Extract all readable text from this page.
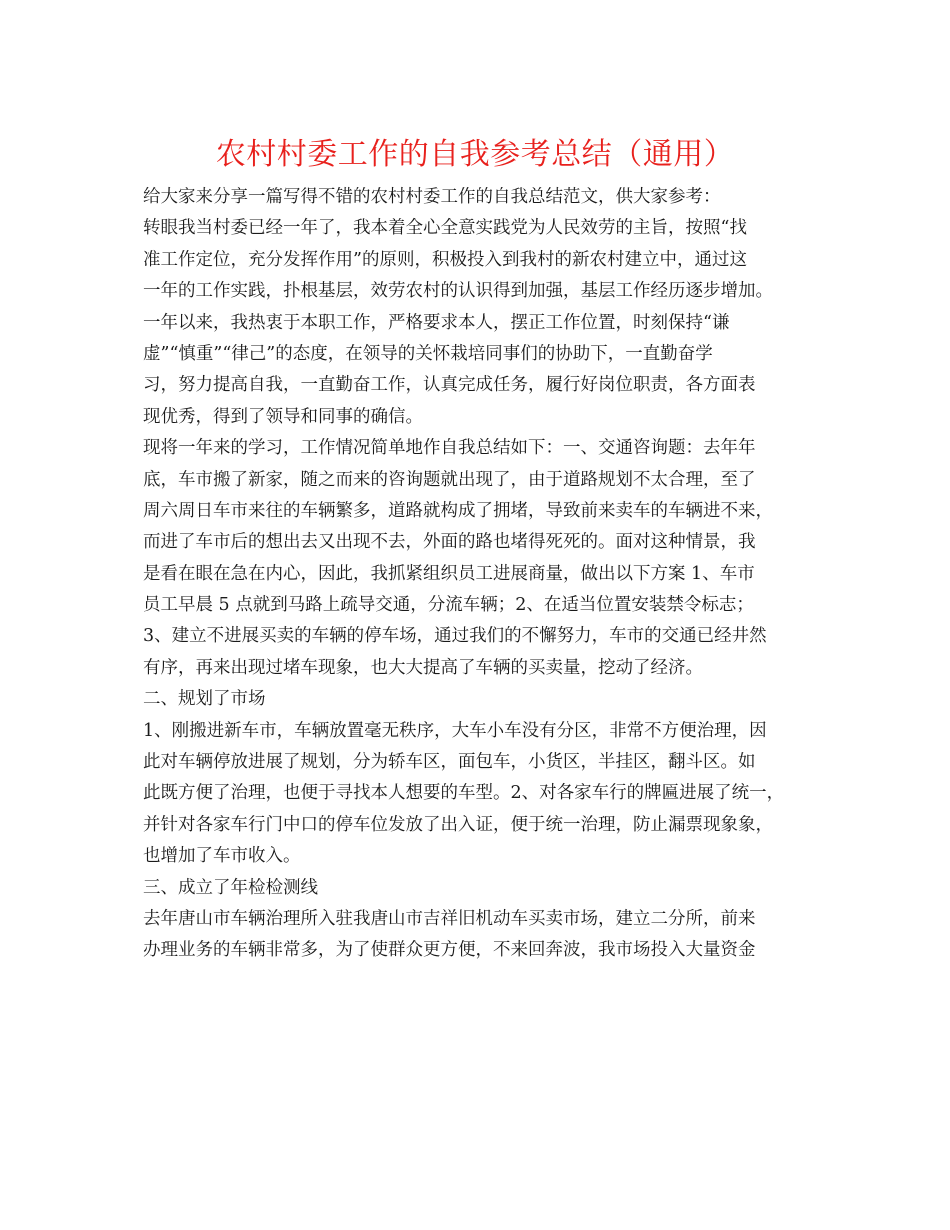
农村村委工作的自我参考总结（通用）
给大家来分享一篇写得不错的农村村委工作的自我总结范文，供大家参考：
转眼我当村委已经一年了，我本着全心全意实践党为人民效劳的主旨，按照“找
准工作定位，充分发挥作用”的原则，积极投入到我村的新农村建立中，通过这
一年的工作实践，扑根基层，效劳农村的认识得到加强，基层工作经历逐步增加。
一年以来，我热衷于本职工作，严格要求本人，摆正工作位置，时刻保持“谦
虚”“慎重”“律己”的态度，在领导的关怀栽培同事们的协助下，一直勤奋学
习，努力提高自我，一直勤奋工作，认真完成任务，履行好岗位职责，各方面表
现优秀，得到了领导和同事的确信。
现将一年来的学习，工作情况简单地作自我总结如下：一、交通咨询题：去年年
底，车市搬了新家，随之而来的咨询题就出现了，由于道路规划不太合理，至了
周六周日车市来往的车辆繁多，道路就构成了拥堵，导致前来卖车的车辆进不来，
而进了车市后的想出去又出现不去，外面的路也堵得死死的。面对这种情景，我
是看在眼在急在内心，因此，我抓紧组织员工进展商量，做出以下方案 1、车市
员工早晨 5 点就到马路上疏导交通，分流车辆；2、在适当位置安装禁令标志；
3、建立不进展买卖的车辆的停车场，通过我们的不懈努力，车市的交通已经井然
有序，再来出现过堵车现象，也大大提高了车辆的买卖量，挖动了经济。
二、规划了市场
1、刚搬进新车市，车辆放置毫无秩序，大车小车没有分区，非常不方便治理，因
此对车辆停放进展了规划，分为轿车区，面包车，小货区，半挂区，翻斗区。如
此既方便了治理，也便于寻找本人想要的车型。2、对各家车行的牌匾进展了统一，
并针对各家车行门中口的停车位发放了出入证，便于统一治理，防止漏票现象象，
也增加了车市收入。
三、成立了年检检测线
去年唐山市车辆治理所入驻我唐山市吉祥旧机动车买卖市场，建立二分所，前来
办理业务的车辆非常多，为了使群众更方便，不来回奔波，我市场投入大量资金
